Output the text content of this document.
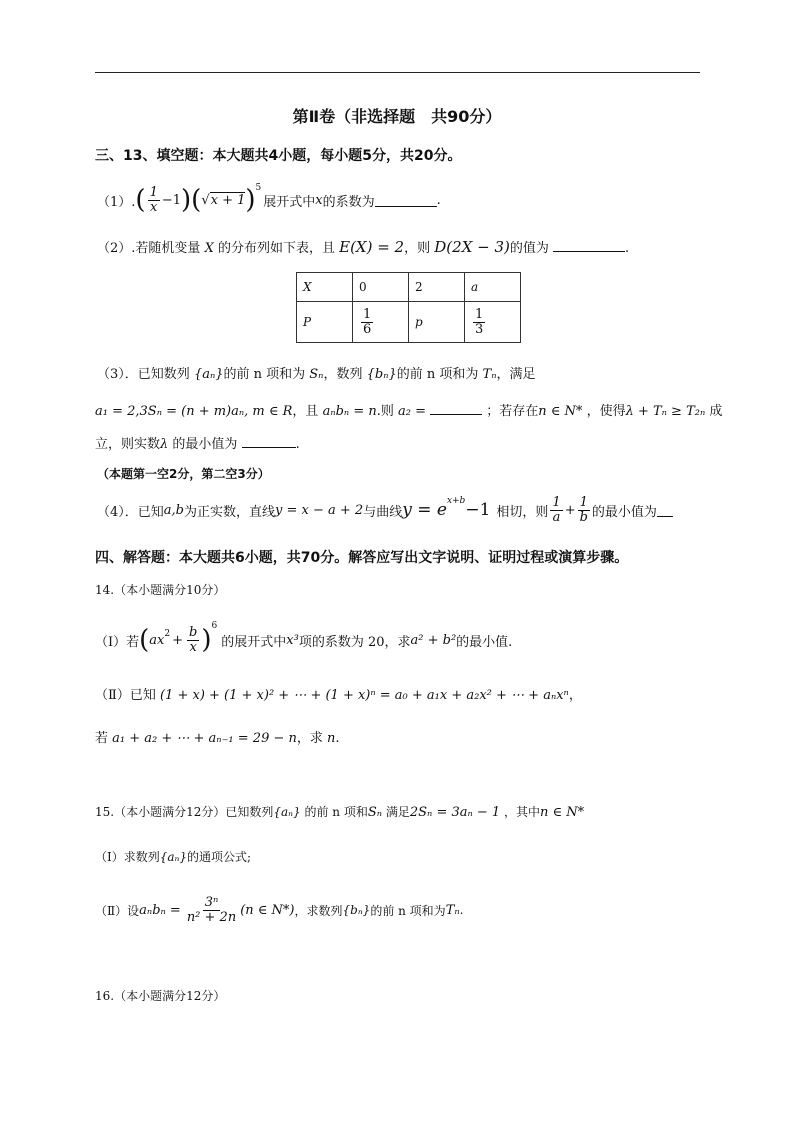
第Ⅱ卷（非选择题　共90分）
三、13、填空题：本大题共4小题，每小题5分，共20分。
（1）. ( $\frac{1}{x} -1$ )( √ x + 1 )$^5$
展开式中 x 的系数为	.
（2）.若随机变量 X 的分布列如下表，且 E(X) = 2，则 D(2X − 3)的值为	.
X	0	2	a
P	$\frac{1}{6}$	p	$\frac{1}{3}$
（3）．已知数列 {aₙ}的前 n 项和为 Sₙ，数列 {bₙ}的前 n 项和为 Tₙ，满足
a₁ = 2,3Sₙ = (n + m)aₙ, m ∈ R，且 aₙbₙ = n.则 a₂ =	；若存在n ∈ N* ，使得λ + Tₙ ≥ T₂ₙ 成
立，则实数λ 的最小值为	.
（本题第一空2分，第二空3分）
（4）． 已知 a,b 为正实数，直线 y = x − a + 2 与曲线 $y = e^{x+b} -1$ 相切，则 $\frac{1}{a} + \frac{1}{b}$ 的最小值为
四、解答题：本大题共6小题，共70分。解答应写出文字说明、证明过程或演算步骤。
14.（本小题满分10分）
（Ⅰ）若 ( $ax^2 + \frac{b}{x} )^6$
的展开式中 x³ 项的系数为 20，求 a² + b² 的最小值.
（Ⅱ）已知 (1 + x) + (1 + x)² + ⋯ + (1 + x)ⁿ = a₀ + a₁x + a₂x² + ⋯ + aₙxⁿ，
若 a₁ + a₂ + ⋯ + aₙ₋₁ = 29 − n，求 n.
15.（本小题满分12分）已知数列{aₙ} 的前 n 项和Sₙ 满足2Sₙ = 3aₙ − 1 ，其中n ∈ N*
（Ⅰ）求数列{aₙ}的通项公式;
（Ⅱ）设 $a_nb_n = \frac{\text{3ⁿ}}{\text{n² + 2n}} (n$ ∈ N*) ，求数列 {bₙ} 的前 n 项和为 Tₙ .
16.（本小题满分12分）
